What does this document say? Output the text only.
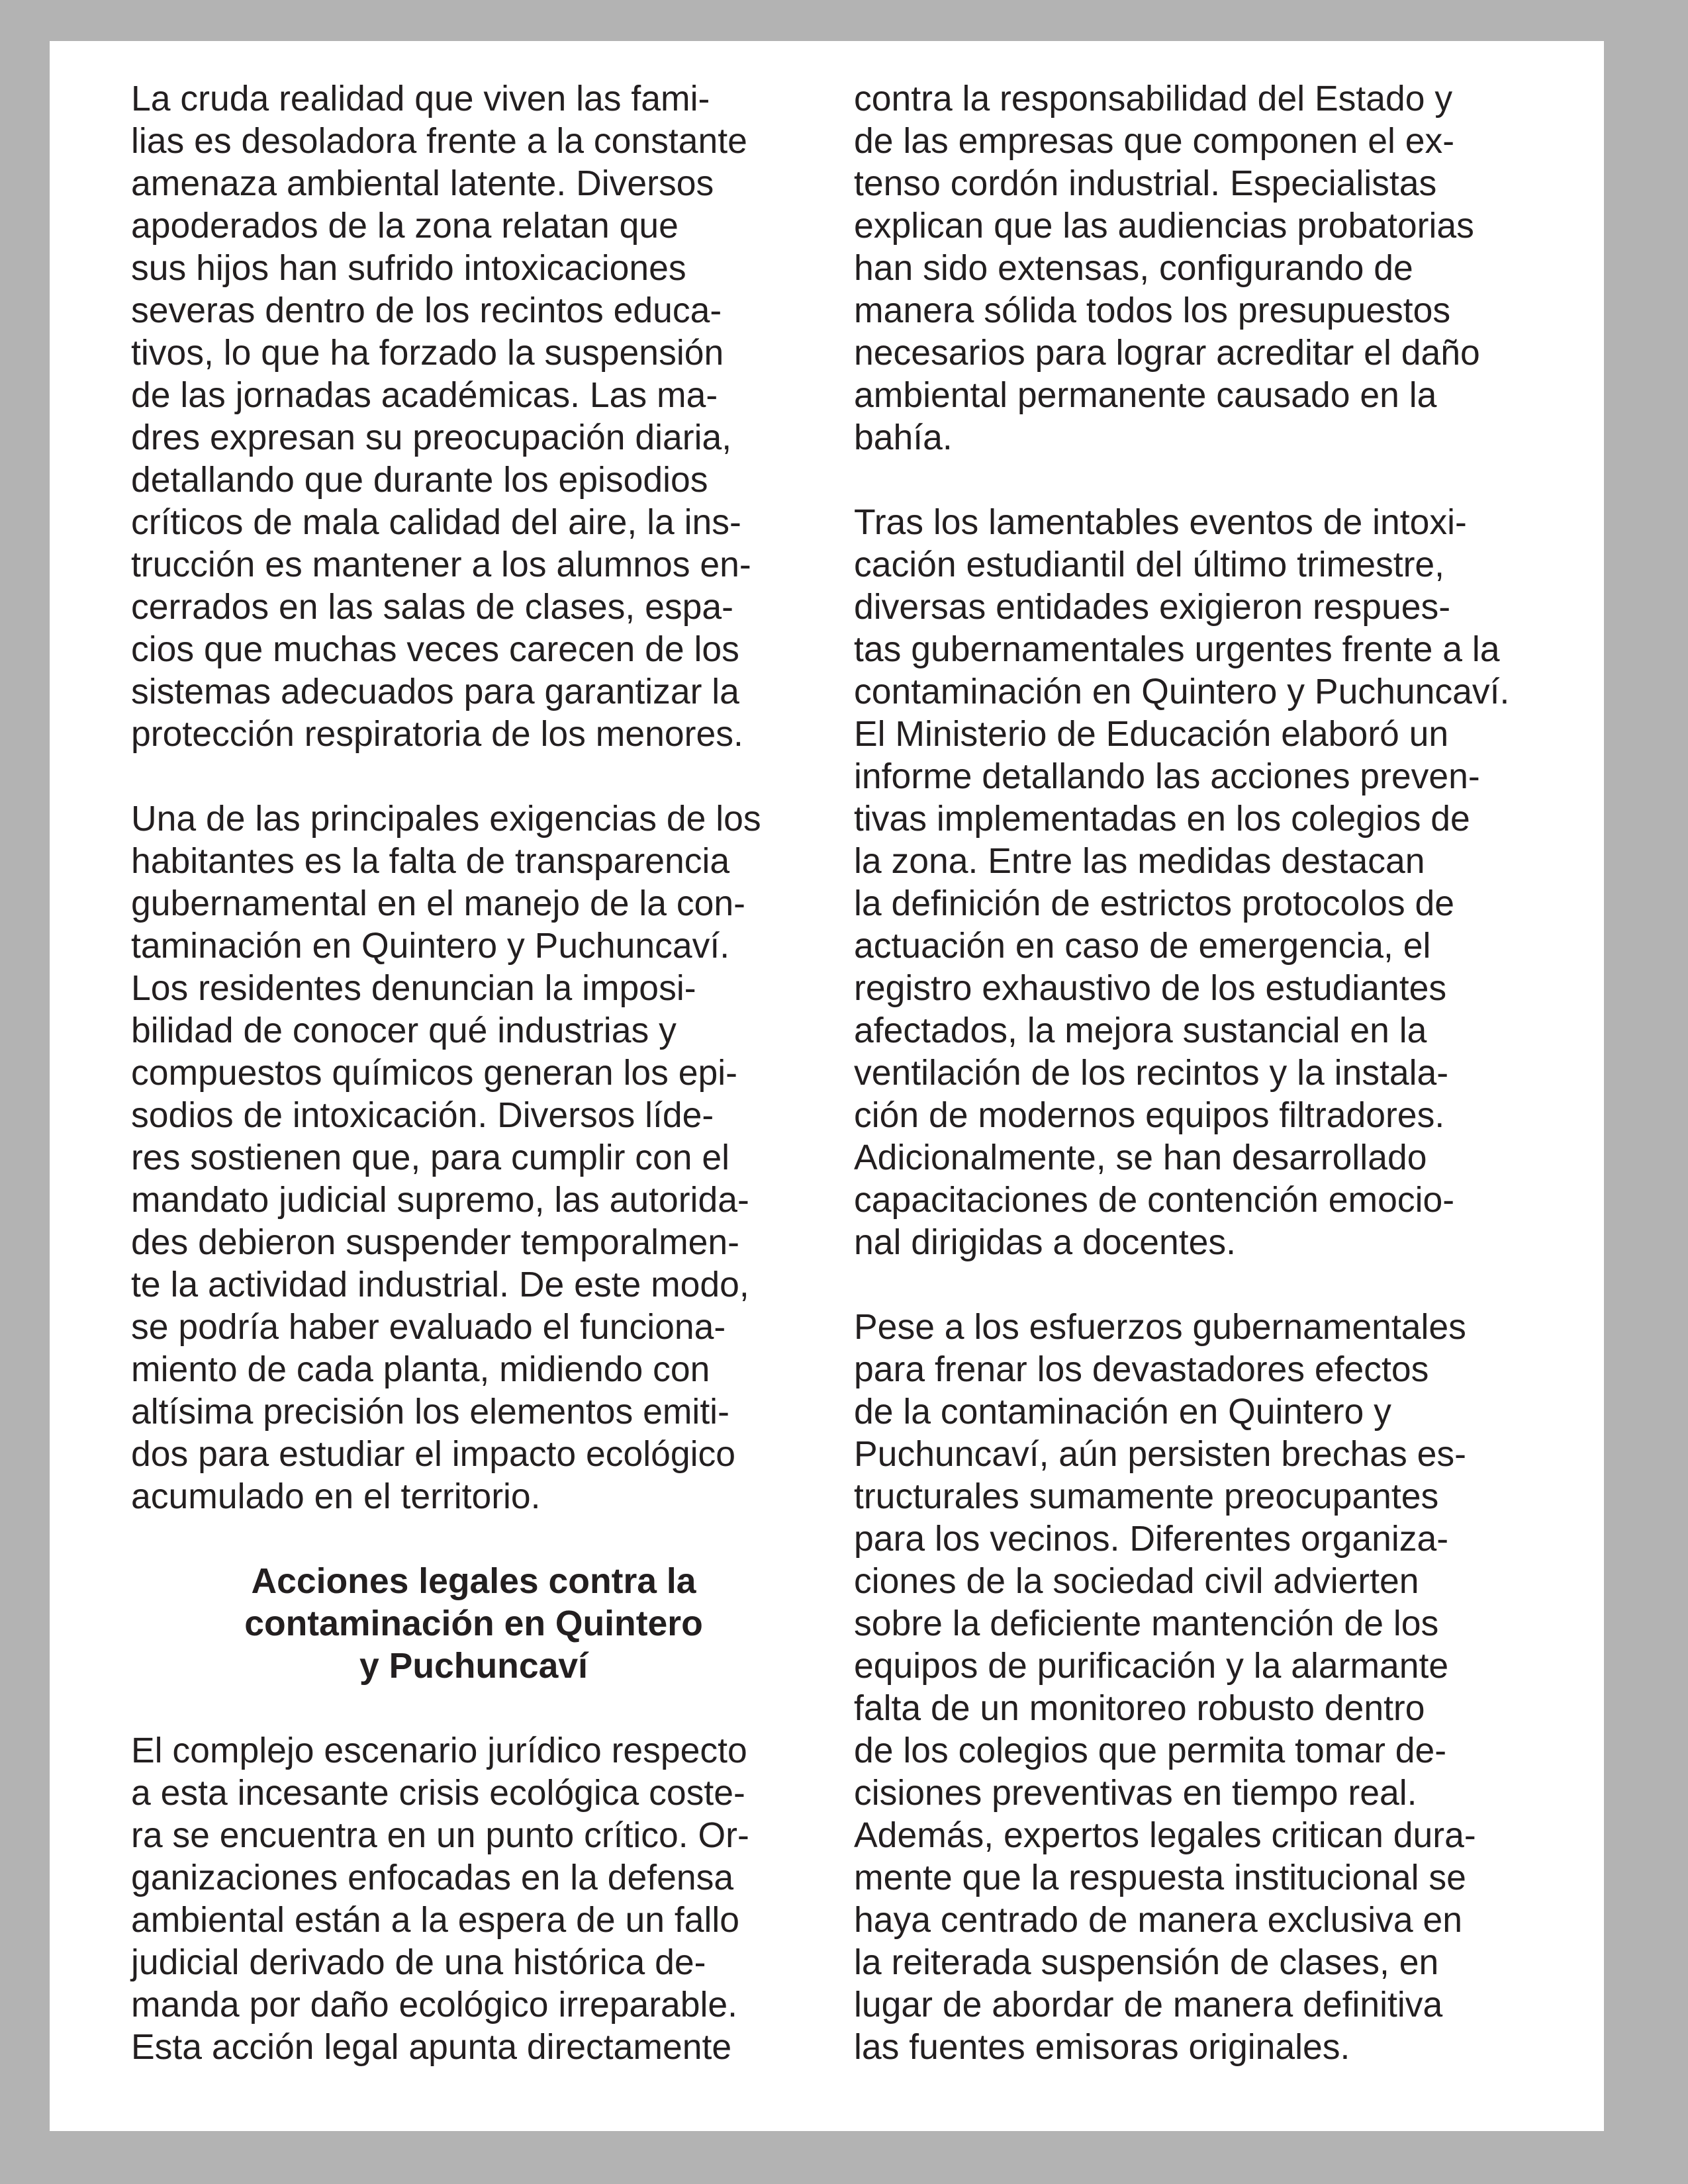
La cruda realidad que viven las fami-
lias es desoladora frente a la constante
amenaza ambiental latente. Diversos
apoderados de la zona relatan que
sus hijos han sufrido intoxicaciones
severas dentro de los recintos educa-
tivos, lo que ha forzado la suspensión
de las jornadas académicas. Las ma-
dres expresan su preocupación diaria,
detallando que durante los episodios
críticos de mala calidad del aire, la ins-
trucción es mantener a los alumnos en-
cerrados en las salas de clases, espa-
cios que muchas veces carecen de los
sistemas adecuados para garantizar la
protección respiratoria de los menores.
Una de las principales exigencias de los
habitantes es la falta de transparencia
gubernamental en el manejo de la con-
taminación en Quintero y Puchuncaví.
Los residentes denuncian la imposi-
bilidad de conocer qué industrias y
compuestos químicos generan los epi-
sodios de intoxicación. Diversos líde-
res sostienen que, para cumplir con el
mandato judicial supremo, las autorida-
des debieron suspender temporalmen-
te la actividad industrial. De este modo,
se podría haber evaluado el funciona-
miento de cada planta, midiendo con
altísima precisión los elementos emiti-
dos para estudiar el impacto ecológico
acumulado en el territorio.
Acciones legales contra la
contaminación en Quintero
y Puchuncaví
El complejo escenario jurídico respecto
a esta incesante crisis ecológica coste-
ra se encuentra en un punto crítico. Or-
ganizaciones enfocadas en la defensa
ambiental están a la espera de un fallo
judicial derivado de una histórica de-
manda por daño ecológico irreparable.
Esta acción legal apunta directamente
contra la responsabilidad del Estado y
de las empresas que componen el ex-
tenso cordón industrial. Especialistas
explican que las audiencias probatorias
han sido extensas, configurando de
manera sólida todos los presupuestos
necesarios para lograr acreditar el daño
ambiental permanente causado en la
bahía.
Tras los lamentables eventos de intoxi-
cación estudiantil del último trimestre,
diversas entidades exigieron respues-
tas gubernamentales urgentes frente a la
contaminación en Quintero y Puchuncaví.
El Ministerio de Educación elaboró un
informe detallando las acciones preven-
tivas implementadas en los colegios de
la zona. Entre las medidas destacan
la definición de estrictos protocolos de
actuación en caso de emergencia, el
registro exhaustivo de los estudiantes
afectados, la mejora sustancial en la
ventilación de los recintos y la instala-
ción de modernos equipos filtradores.
Adicionalmente, se han desarrollado
capacitaciones de contención emocio-
nal dirigidas a docentes.
Pese a los esfuerzos gubernamentales
para frenar los devastadores efectos
de la contaminación en Quintero y
Puchuncaví, aún persisten brechas es-
tructurales sumamente preocupantes
para los vecinos. Diferentes organiza-
ciones de la sociedad civil advierten
sobre la deficiente mantención de los
equipos de purificación y la alarmante
falta de un monitoreo robusto dentro
de los colegios que permita tomar de-
cisiones preventivas en tiempo real.
Además, expertos legales critican dura-
mente que la respuesta institucional se
haya centrado de manera exclusiva en
la reiterada suspensión de clases, en
lugar de abordar de manera definitiva
las fuentes emisoras originales.
